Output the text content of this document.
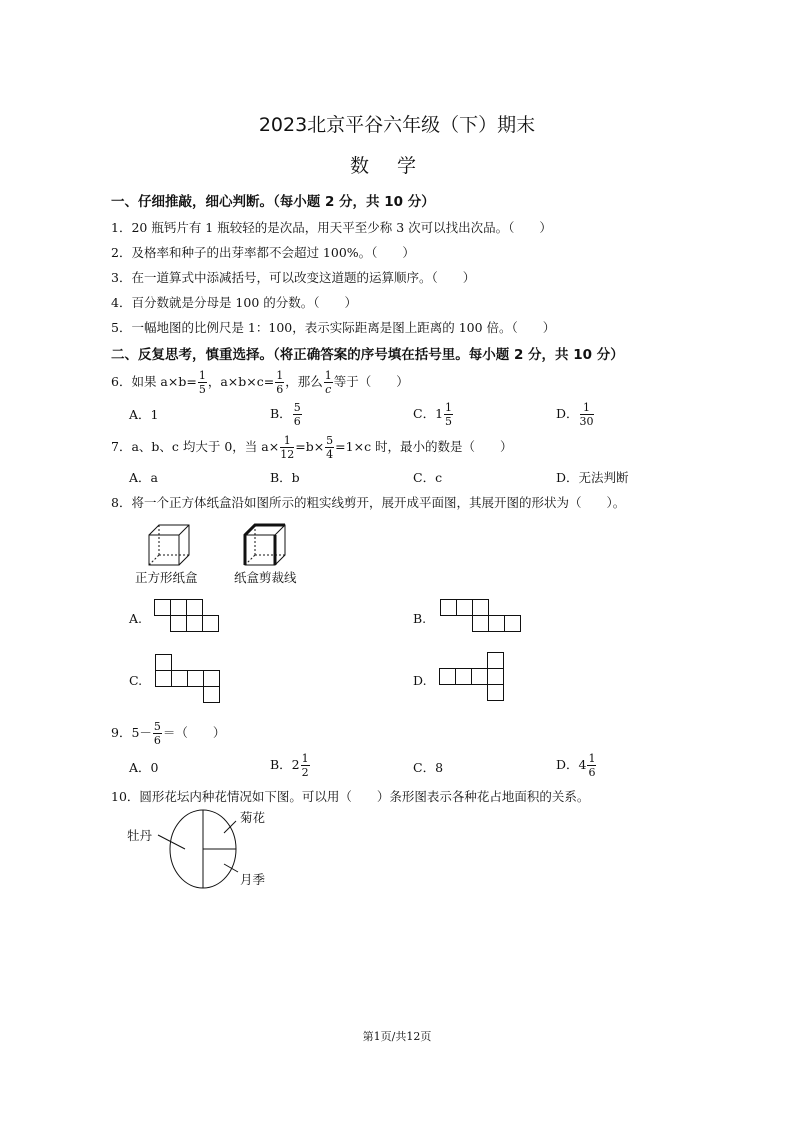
2023北京平谷六年级（下）期末
数学
一、仔细推敲，细心判断。（每小题 2 分，共 10 分）
1．20 瓶钙片有 1 瓶较轻的是次品，用天平至少称 3 次可以找出次品。（　　）
2．及格率和种子的出芽率都不会超过 100%。（　　）
3．在一道算式中添减括号，可以改变这道题的运算顺序。（　　）
4．百分数就是分母是 100 的分数。（　　）
5．一幅地图的比例尺是 1：100，表示实际距离是图上距离的 100 倍。（　　）
二、反复思考，慎重选择。（将正确答案的序号填在括号里。每小题 2 分，共 10 分）
6．如果 $a\times b= \frac{1}{5}$ ，$a\times b\times c= \frac{1}{6}$ ，那么 $\frac{1}{c}$ 等于（　　）
A．1	B． $\frac{5}{6}$	C．$1 \frac{1}{5}$	D． $\frac{1}{30}$
7．a、b、c 均大于 0，当 $a\times \frac{1}{12} =b\times \frac{5}{4} =1\times c$ 时，最小的数是（　　）
A．a	B．b	C．c	D．无法判断
8．将一个正方体纸盒沿如图所示的粗实线剪开，展开成平面图，其展开图的形状为（　　）。
正方形纸盒	纸盒剪裁线
A.	B.
C.	D.
9．$5- \frac{5}{6}$ ＝（　　）
A．0	B．$2 \frac{1}{2}$	C．8	D．$4 \frac{1}{6}$
10．圆形花坛内种花情况如下图。可以用（　　）条形图表示各种花占地面积的关系。
牡丹
菊花
月季
第1页/共12页
